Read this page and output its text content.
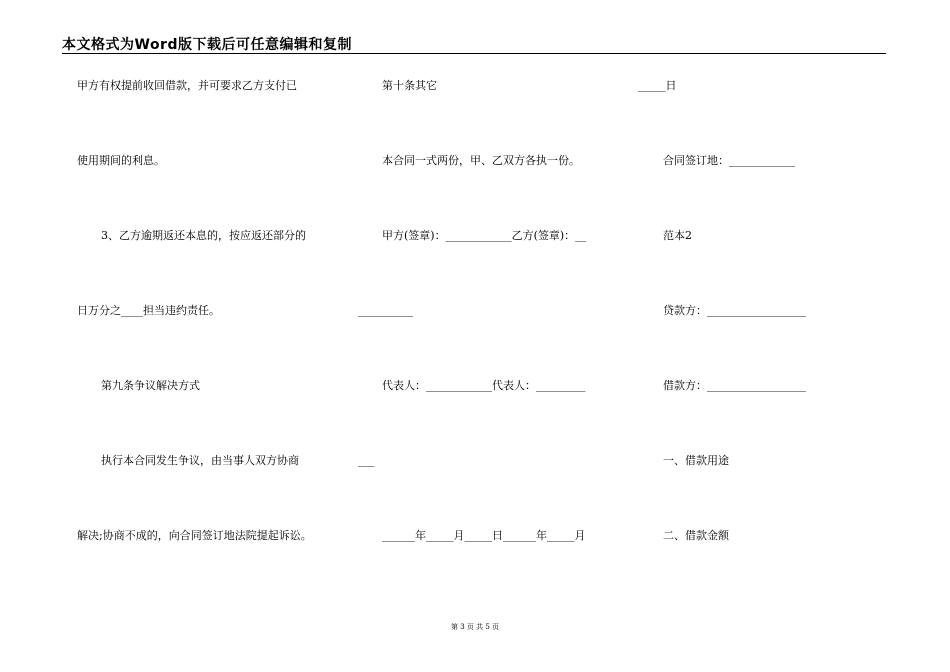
本文格式为Word版下载后可任意编辑和复制
甲方有权提前收回借款，并可要求乙方支付已
使用期间的利息。
3、乙方逾期返还本息的，按应返还部分的
日万分之____担当违约责任。
第九条争议解决方式
执行本合同发生争议，由当事人双方协商
解决;协商不成的，向合同签订地法院提起诉讼。
第十条其它
本合同一式两份，甲、乙双方各执一份。
甲方(签章)：____________乙方(签章)：__
__________
代表人：____________代表人：_________
___
______年_____月_____日______年_____月
_____日
合同签订地：____________
范本2
贷款方：__________________
借款方：__________________
一、借款用途
二、借款金额
第 3 页 共 5 页
